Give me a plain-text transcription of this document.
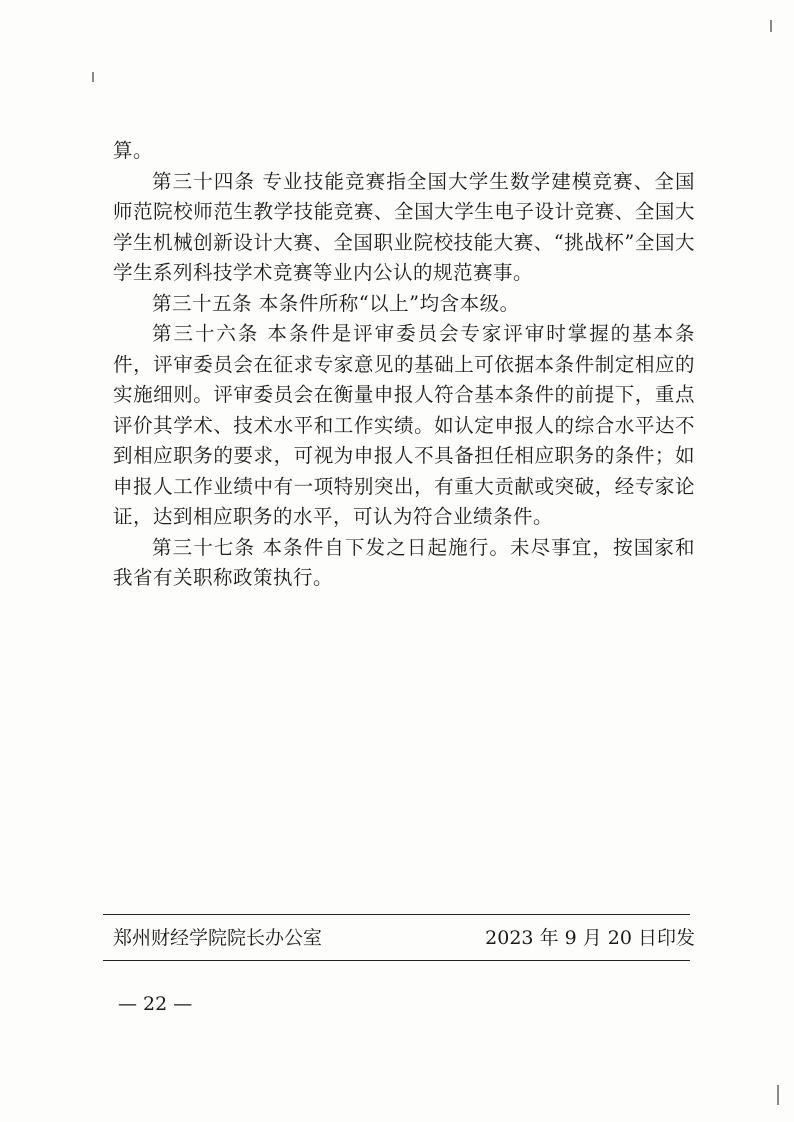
算。

第三十四条 专业技能竞赛指全国大学生数学建模竞赛、全国师范院校师范生教学技能竞赛、全国大学生电子设计竞赛、全国大学生机械创新设计大赛、全国职业院校技能大赛、“挑战杯”全国大学生系列科技学术竞赛等业内公认的规范赛事。

第三十五条 本条件所称“以上”均含本级。

第三十六条 本条件是评审委员会专家评审时掌握的基本条件，评审委员会在征求专家意见的基础上可依据本条件制定相应的实施细则。评审委员会在衡量申报人符合基本条件的前提下，重点评价其学术、技术水平和工作实绩。如认定申报人的综合水平达不到相应职务的要求，可视为申报人不具备担任相应职务的条件；如申报人工作业绩中有一项特别突出，有重大贡献或突破，经专家论证，达到相应职务的水平，可认为符合业绩条件。

第三十七条 本条件自下发之日起施行。未尽事宜，按国家和我省有关职称政策执行。

郑州财经学院院长办公室	2023 年 9 月 20 日印发
— 22 —
